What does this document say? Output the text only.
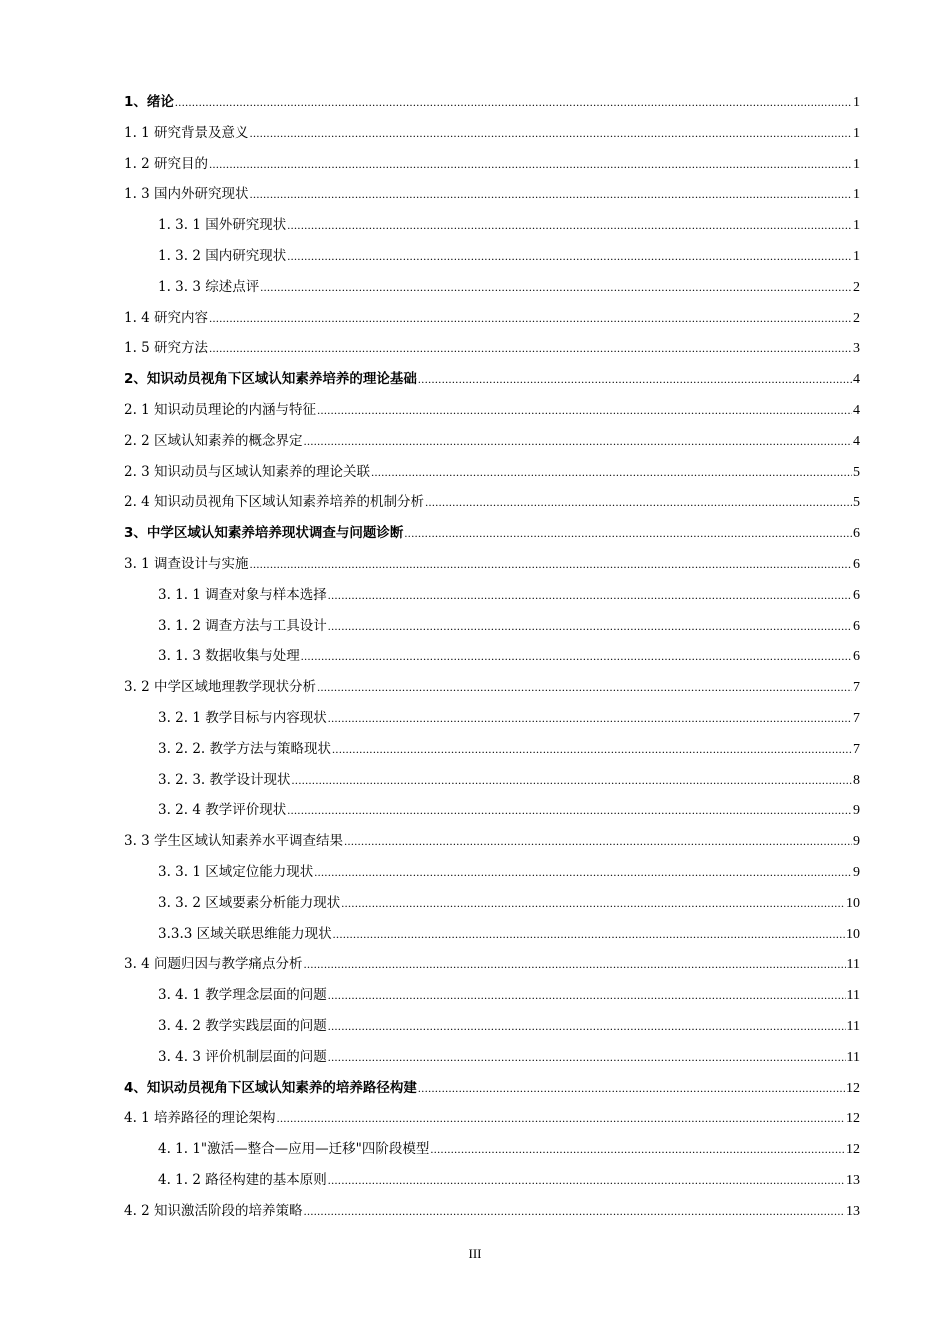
1、绪论 .....	1
1. 1 研究背景及意义 .....	1
1. 2 研究目的 .....	1
1. 3 国内外研究现状 .....	1
1. 3. 1 国外研究现状 .....	1
1. 3. 2 国内研究现状 .....	1
1. 3. 3 综述点评 .....	2
1. 4 研究内容 .....	2
1. 5 研究方法 .....	3
2、知识动员视角下区域认知素养培养的理论基础 .....	4
2. 1 知识动员理论的内涵与特征 .....	4
2. 2 区域认知素养的概念界定 .....	4
2. 3 知识动员与区域认知素养的理论关联 .....	5
2. 4 知识动员视角下区域认知素养培养的机制分析 .....	5
3、中学区域认知素养培养现状调查与问题诊断 .....	6
3. 1 调查设计与实施 .....	6
3. 1. 1 调查对象与样本选择 .....	6
3. 1. 2 调查方法与工具设计 .....	6
3. 1. 3 数据收集与处理 .....	6
3. 2 中学区域地理教学现状分析 .....	7
3. 2. 1 教学目标与内容现状 .....	7
3. 2. 2. 教学方法与策略现状 .....	7
3. 2. 3. 教学设计现状 .....	8
3. 2. 4 教学评价现状 .....	9
3. 3 学生区域认知素养水平调查结果 .....	9
3. 3. 1 区域定位能力现状 .....	9
3. 3. 2 区域要素分析能力现状 .....	10
3.3.3 区域关联思维能力现状 .....	10
3. 4 问题归因与教学痛点分析 .....	11
3. 4. 1 教学理念层面的问题 .....	11
3. 4. 2 教学实践层面的问题 .....	11
3. 4. 3 评价机制层面的问题 .....	11
4、知识动员视角下区域认知素养的培养路径构建 .....	12
4. 1 培养路径的理论架构 .....	12
4. 1. 1"激活—整合—应用—迁移"四阶段模型 .....	12
4. 1. 2 路径构建的基本原则 .....	13
4. 2 知识激活阶段的培养策略 .....	13
III
